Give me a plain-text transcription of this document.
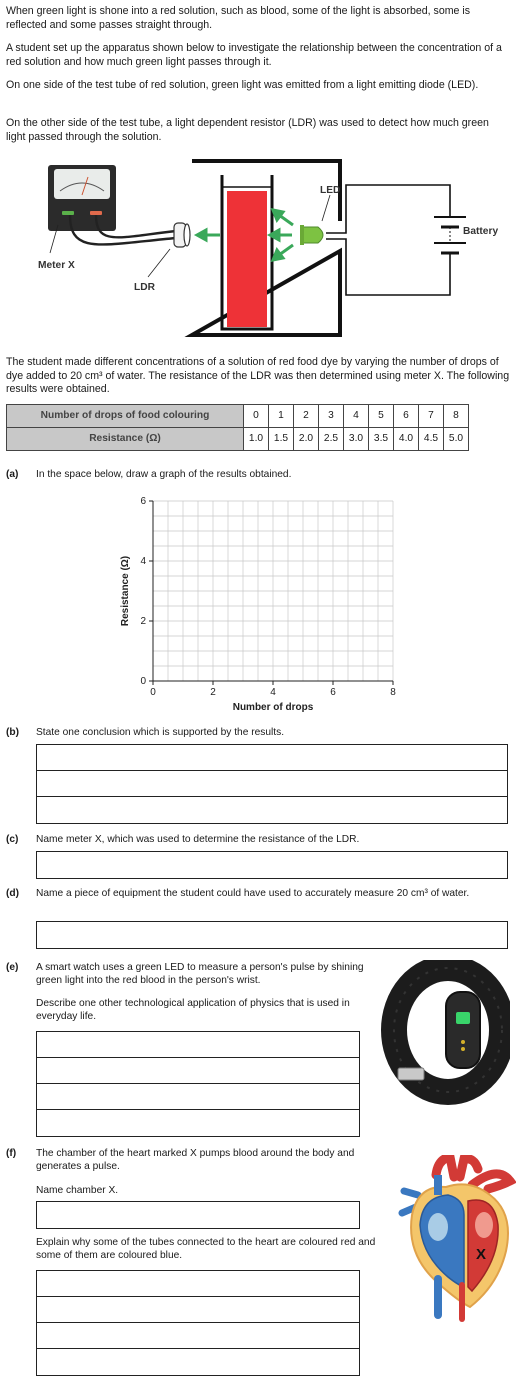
When green light is shone into a red solution, such as blood, some of the light is absorbed, some is reflected and some passes straight through.

A student set up the apparatus shown below to investigate the relationship between the concentration of a red solution and how much green light passes through it.

On one side of the test tube of red solution, green light was emitted from a light emitting diode (LED).

On the other side of the test tube, a light dependent resistor (LDR) was used to detect how much green light passed through the solution.

Meter X
LDR
LED
Battery

The student made different concentrations of a solution of red food dye by varying the number of drops of dye added to 20 cm³ of water. The resistance of the LDR was then determined using meter X. The following results were obtained.

Number of drops of food colouring	0	1	2	3	4	5	6	7	8
Resistance (Ω)	1.0	1.5	2.0	2.5	3.0	3.5	4.0	4.5	5.0
(a) In the space below, draw a graph of the results obtained.
0	2	4	6	8
0
2
4
6
Number of drops
Resistance (Ω)
(b) State one conclusion which is supported by the results.
(c) Name meter X, which was used to determine the resistance of the LDR.
(d) Name a piece of equipment the student could have used to accurately measure 20 cm³ of water.
(e) A smart watch uses a green LED to measure a person's pulse by shining green light into the red blood in the person's wrist.
Describe one other technological application of physics that is used in everyday life.
(f) The chamber of the heart marked X pumps blood around the body and generates a pulse.
Name chamber X.
Explain why some of the tubes connected to the heart are coloured red and some of them are coloured blue.	X
